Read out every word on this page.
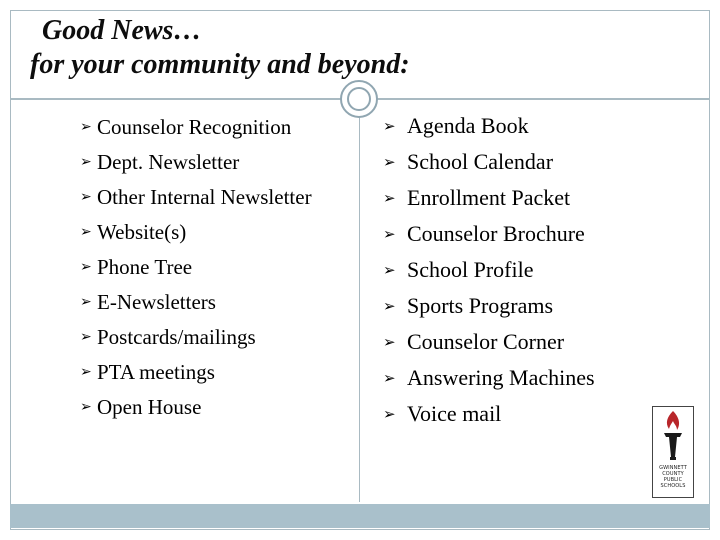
Good News…
for your community and beyond:
➢ Counselor Recognition
➢ Dept. Newsletter
➢ Other Internal Newsletter
➢ Website(s)
➢ Phone Tree
➢ E-Newsletters
➢ Postcards/mailings
➢ PTA meetings
➢ Open House
➢ Agenda Book
➢ School Calendar
➢ Enrollment Packet
➢ Counselor Brochure
➢ School Profile
➢ Sports Programs
➢ Counselor Corner
➢ Answering Machines
➢ Voice mail
GWINNETT
COUNTY
PUBLIC
SCHOOLS
